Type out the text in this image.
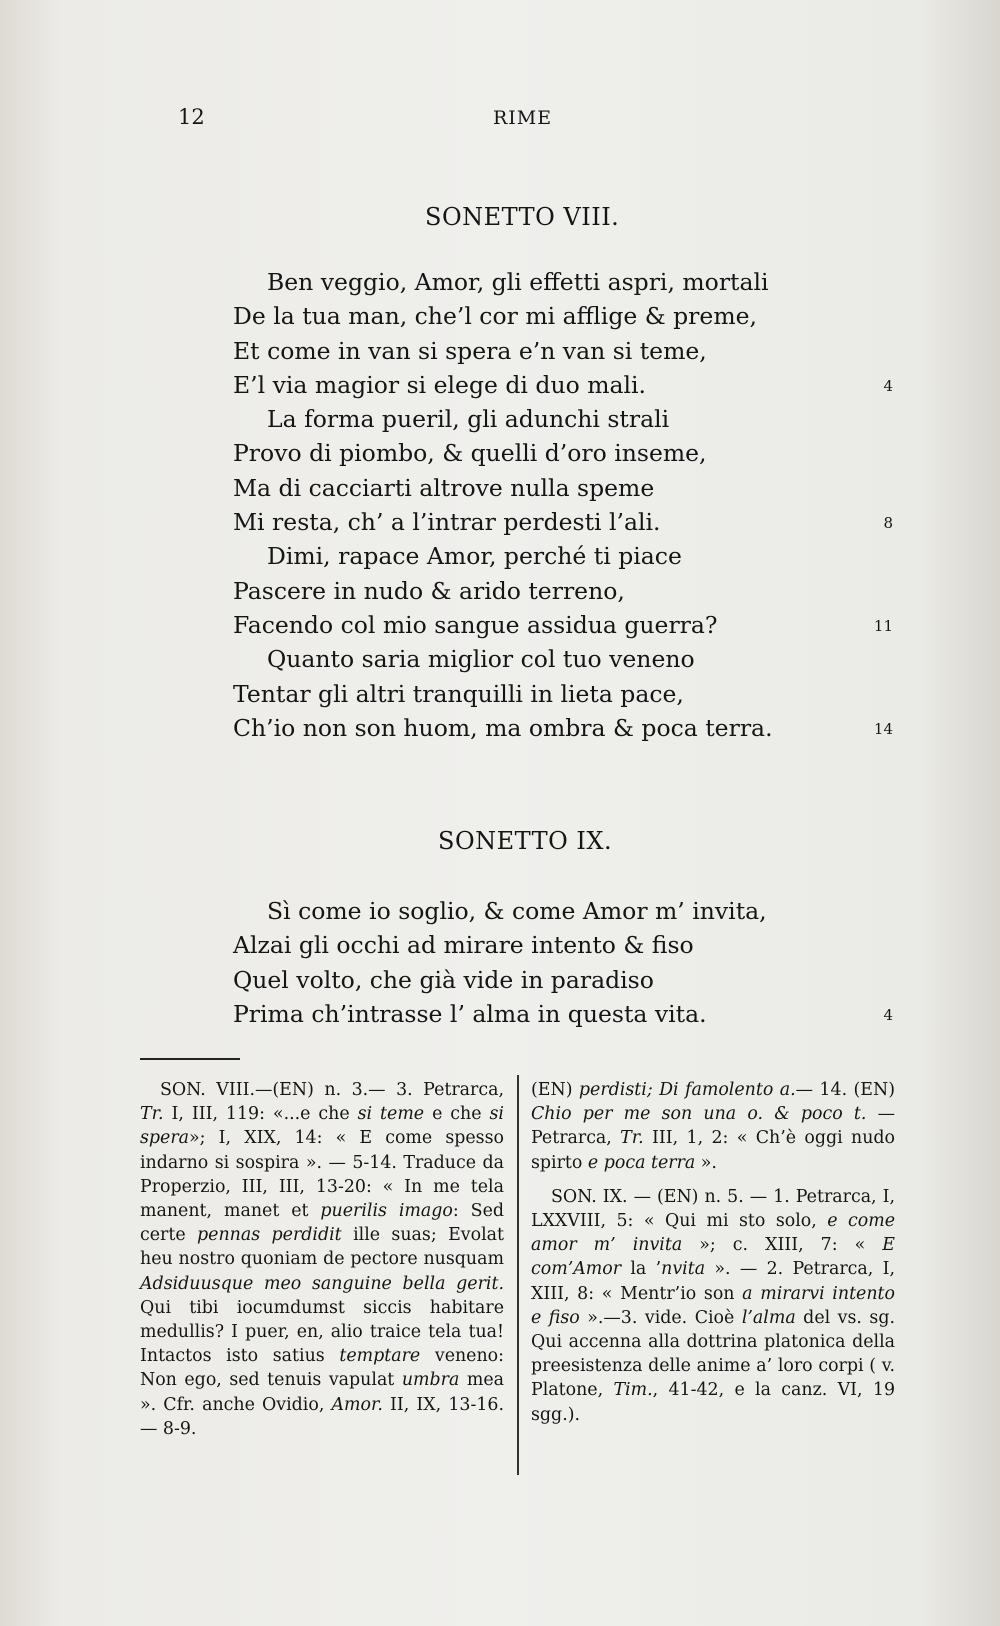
12	RIME
SONETTO VIII.
Ben veggio, Amor, gli effetti aspri, mortali
De la tua man, che’l cor mi afflige & preme,
Et come in van si spera e’n van si teme,
E’l via magior si elege di duo mali.	4
La forma pueril, gli adunchi strali
Provo di piombo, & quelli d’oro inseme,
Ma di cacciarti altrove nulla speme
Mi resta, ch’ a l’intrar perdesti l’ali.	8
Dimi, rapace Amor, perché ti piace
Pascere in nudo & arido terreno,
Facendo col mio sangue assidua guerra?	11
Quanto saria miglior col tuo veneno
Tentar gli altri tranquilli in lieta pace,
Ch’io non son huom, ma ombra & poca terra.	14
SONETTO IX.
Sì come io soglio, & come Amor m’ invita,
Alzai gli occhi ad mirare intento & fiso
Quel volto, che già vide in paradiso
Prima ch’intrasse l’ alma in questa vita.	4

SON. VIII.—(EN) n. 3.— 3. Petrarca, Tr. I, III, 119: «...e che si teme e che si spera»; I, XIX, 14: « E come spesso indarno si sospira ». — 5-14. Traduce da Properzio, III, III, 13-20: « In me tela manent, manet et puerilis imago: Sed certe pennas perdidit ille suas; Evolat heu nostro quoniam de pectore nusquam Adsiduusque meo sanguine bella gerit. Qui tibi iocumdumst siccis habitare medullis? I puer, en, alio traice tela tua! Intactos isto satius temptare veneno: Non ego, sed tenuis vapulat umbra mea ». Cfr. anche Ovidio, Amor. II, IX, 13-16. — 8-9.

(EN) perdisti; Di famolento a.— 14. (EN) Chio per me son una o. & poco t. — Petrarca, Tr. III, 1, 2: « Ch’è oggi nudo spirto e poca terra ».

SON. IX. — (EN) n. 5. — 1. Petrarca, I, LXXVIII, 5: « Qui mi sto solo, e come amor m’ invita »; c. XIII, 7: « E com’Amor la ’nvita ». — 2. Petrarca, I, XIII, 8: « Mentr’io son a mirarvi intento e fiso ».—3. vide. Cioè l’alma del vs. sg. Qui accenna alla dottrina platonica della preesistenza delle anime a’ loro corpi ( v. Platone, Tim., 41-42, e la canz. VI, 19 sgg.).
